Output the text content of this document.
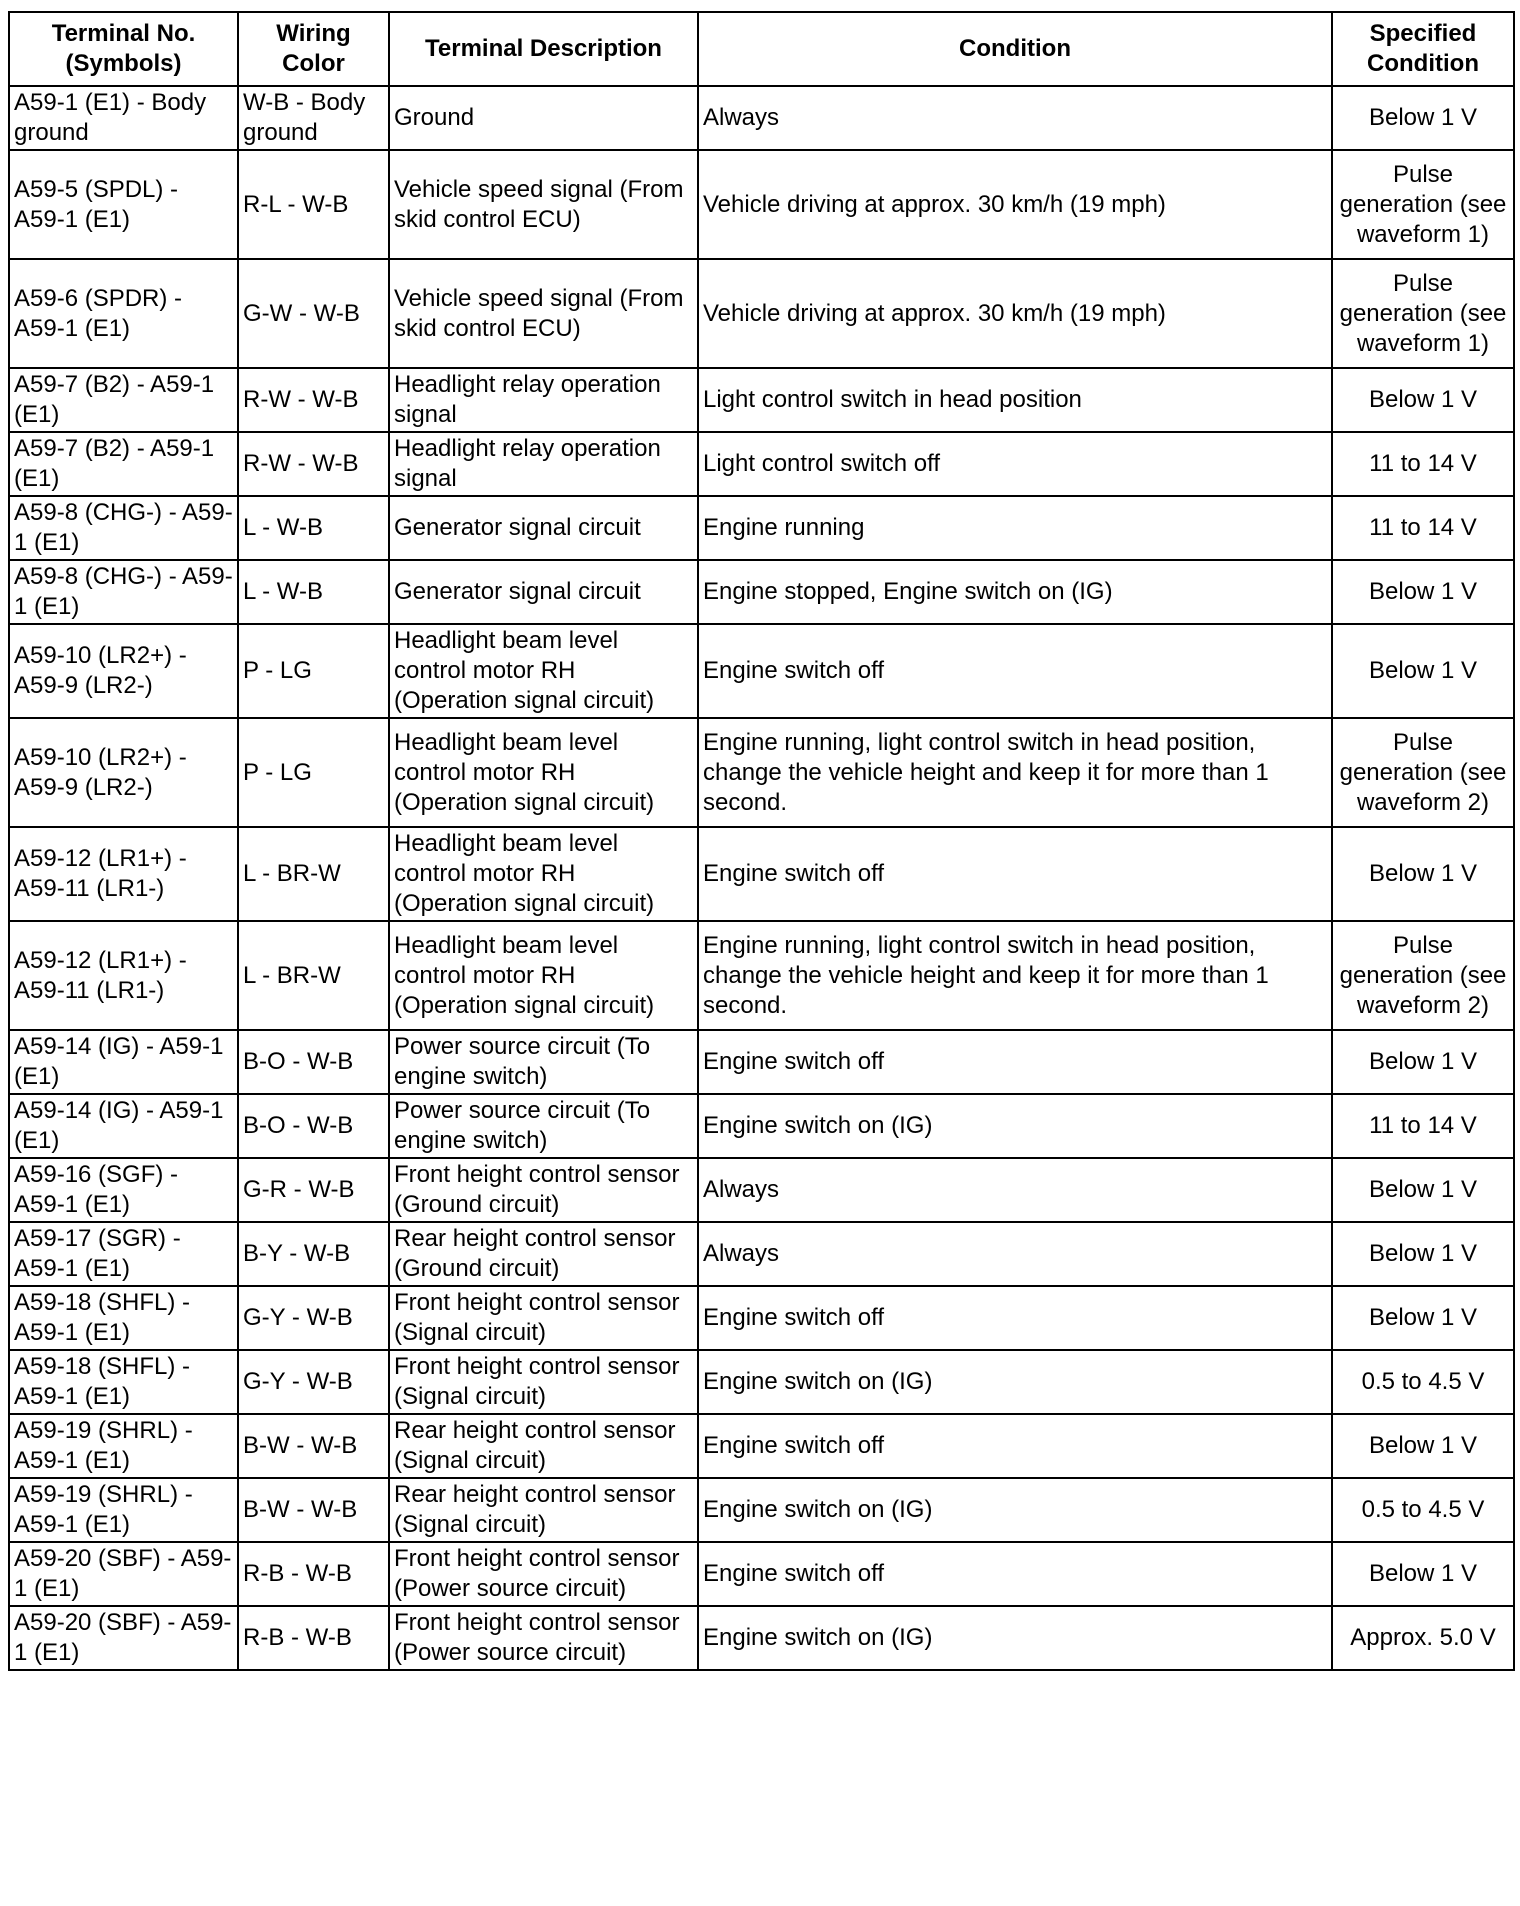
Terminal No. (Symbols)	Wiring Color	Terminal Description	Condition	Specified Condition
A59-1 (E1) - Body ground	W-B - Body ground	Ground	Always	Below 1 V
A59-5 (SPDL) - A59-1 (E1)	R-L - W-B	Vehicle speed signal (From skid control ECU)	Vehicle driving at approx. 30 km/h (19 mph)	Pulse generation (see waveform 1)
A59-6 (SPDR) - A59-1 (E1)	G-W - W-B	Vehicle speed signal (From skid control ECU)	Vehicle driving at approx. 30 km/h (19 mph)	Pulse generation (see waveform 1)
A59-7 (B2) - A59-1 (E1)	R-W - W-B	Headlight relay operation signal	Light control switch in head position	Below 1 V
A59-7 (B2) - A59-1 (E1)	R-W - W-B	Headlight relay operation signal	Light control switch off	11 to 14 V
A59-8 (CHG-) - A59-1 (E1)	L - W-B	Generator signal circuit	Engine running	11 to 14 V
A59-8 (CHG-) - A59-1 (E1)	L - W-B	Generator signal circuit	Engine stopped, Engine switch on (IG)	Below 1 V
A59-10 (LR2+) - A59-9 (LR2-)	P - LG	Headlight beam level control motor RH (Operation signal circuit)	Engine switch off	Below 1 V
A59-10 (LR2+) - A59-9 (LR2-)	P - LG	Headlight beam level control motor RH (Operation signal circuit)	Engine running, light control switch in head position, change the vehicle height and keep it for more than 1 second.	Pulse generation (see waveform 2)
A59-12 (LR1+) - A59-11 (LR1-)	L - BR-W	Headlight beam level control motor RH (Operation signal circuit)	Engine switch off	Below 1 V
A59-12 (LR1+) - A59-11 (LR1-)	L - BR-W	Headlight beam level control motor RH (Operation signal circuit)	Engine running, light control switch in head position, change the vehicle height and keep it for more than 1 second.	Pulse generation (see waveform 2)
A59-14 (IG) - A59-1 (E1)	B-O - W-B	Power source circuit (To engine switch)	Engine switch off	Below 1 V
A59-14 (IG) - A59-1 (E1)	B-O - W-B	Power source circuit (To engine switch)	Engine switch on (IG)	11 to 14 V
A59-16 (SGF) - A59-1 (E1)	G-R - W-B	Front height control sensor (Ground circuit)	Always	Below 1 V
A59-17 (SGR) - A59-1 (E1)	B-Y - W-B	Rear height control sensor (Ground circuit)	Always	Below 1 V
A59-18 (SHFL) - A59-1 (E1)	G-Y - W-B	Front height control sensor (Signal circuit)	Engine switch off	Below 1 V
A59-18 (SHFL) - A59-1 (E1)	G-Y - W-B	Front height control sensor (Signal circuit)	Engine switch on (IG)	0.5 to 4.5 V
A59-19 (SHRL) - A59-1 (E1)	B-W - W-B	Rear height control sensor (Signal circuit)	Engine switch off	Below 1 V
A59-19 (SHRL) - A59-1 (E1)	B-W - W-B	Rear height control sensor (Signal circuit)	Engine switch on (IG)	0.5 to 4.5 V
A59-20 (SBF) - A59-1 (E1)	R-B - W-B	Front height control sensor (Power source circuit)	Engine switch off	Below 1 V
A59-20 (SBF) - A59-1 (E1)	R-B - W-B	Front height control sensor (Power source circuit)	Engine switch on (IG)	Approx. 5.0 V
